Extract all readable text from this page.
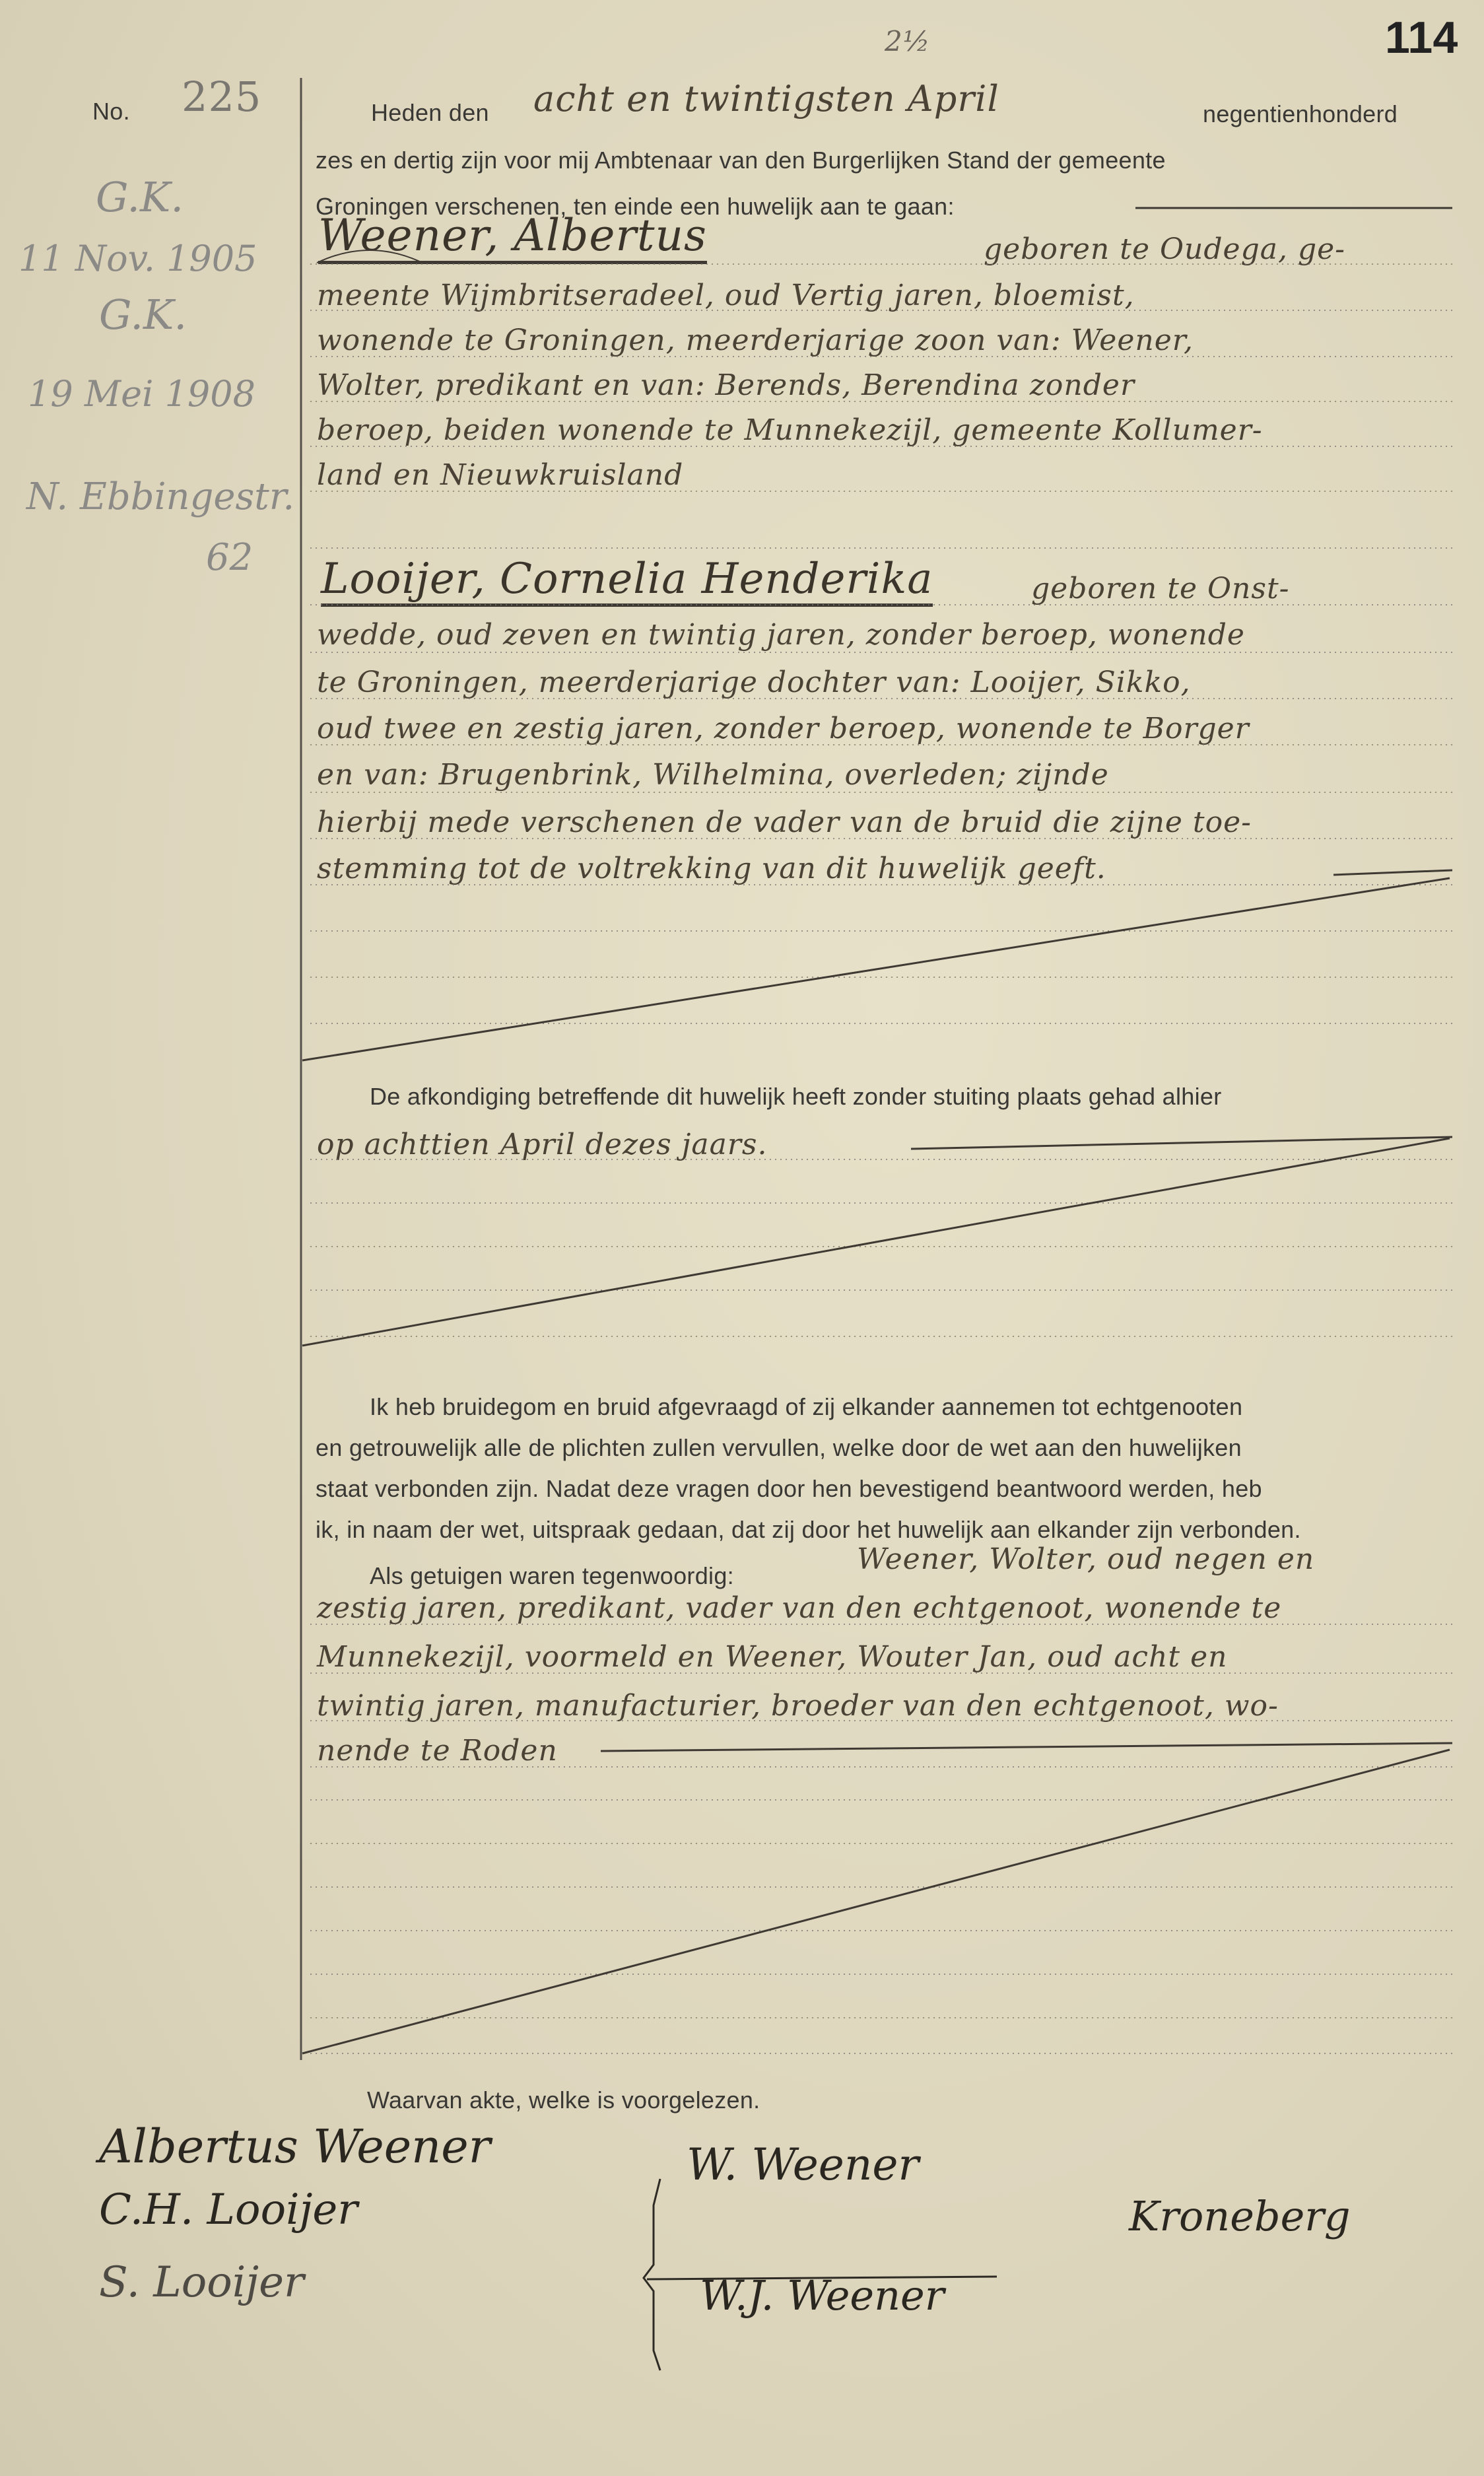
114
2½
No. 225
G.K.
11 Nov. 1905
G.K.
19 Mei 1908
N. Ebbingestr.
62
Heden den acht en twintigsten April	negentienhonderd
zes en dertig zijn voor mij Ambtenaar van den Burgerlijken Stand der gemeente
Groningen verschenen, ten einde een huwelijk aan te gaan:
Weener, Albertus	geboren te Oudega, ge-
meente Wijmbritseradeel, oud Vertig jaren, bloemist,
wonende te Groningen, meerderjarige zoon van: Weener,
Wolter, predikant en van: Berends, Berendina zonder
beroep, beiden wonende te Munnekezijl, gemeente Kollumer-
land en Nieuwkruisland
Looijer, Cornelia Henderika	geboren te Onst-
wedde, oud zeven en twintig jaren, zonder beroep, wonende
te Groningen, meerderjarige dochter van: Looijer, Sikko,
oud twee en zestig jaren, zonder beroep, wonende te Borger
en van: Brugenbrink, Wilhelmina, overleden; zijnde
hierbij mede verschenen de vader van de bruid die zijne toe-
stemming tot de voltrekking van dit huwelijk geeft.
De afkondiging betreffende dit huwelijk heeft zonder stuiting plaats gehad alhier
op achttien April dezes jaars.
Ik heb bruidegom en bruid afgevraagd of zij elkander aannemen tot echtgenooten
en getrouwelijk alle de plichten zullen vervullen, welke door de wet aan den huwelijken
staat verbonden zijn. Nadat deze vragen door hen bevestigend beantwoord werden, heb
ik, in naam der wet, uitspraak gedaan, dat zij door het huwelijk aan elkander zijn verbonden.
Als getuigen waren tegenwoordig:	Weener, Wolter, oud negen en
zestig jaren, predikant, vader van den echtgenoot, wonende te
Munnekezijl, voormeld en Weener, Wouter Jan, oud acht en
twintig jaren, manufacturier, broeder van den echtgenoot, wo-
nende te Roden
Waarvan akte, welke is voorgelezen.
Albertus Weener
C.H. Looijer
S. Looijer
W. Weener
W.J. Weener
Kroneberg
